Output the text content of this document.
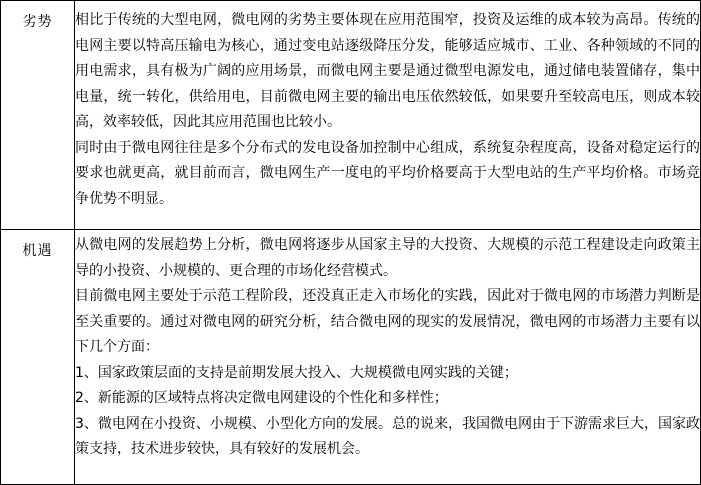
劣势	相比于传统的大型电网，微电网的劣势主要体现在应用范围窄，投资及运维的成本较为高昂。传统的电网主要以特高压输电为核心，通过变电站逐级降压分发，能够适应城市、工业、各种领域的不同的用电需求，具有极为广阔的应用场景，而微电网主要是通过微型电源发电，通过储电装置储存，集中电量，统一转化，供给用电，目前微电网主要的输出电压依然较低，如果要升至较高电压，则成本较高，效率较低，因此其应用范围也比较小。

同时由于微电网往往是多个分布式的发电设备加控制中心组成，系统复杂程度高，设备对稳定运行的要求也就更高，就目前而言，微电网生产一度电的平均价格要高于大型电站的生产平均价格。市场竞争优势不明显。

机遇	从微电网的发展趋势上分析，微电网将逐步从国家主导的大投资、大规模的示范工程建设走向政策主导的小投资、小规模的、更合理的市场化经营模式。

目前微电网主要处于示范工程阶段，还没真正走入市场化的实践，因此对于微电网的市场潜力判断是至关重要的。通过对微电网的研究分析，结合微电网的现实的发展情况，微电网的市场潜力主要有以下几个方面：

1、国家政策层面的支持是前期发展大投入、大规模微电网实践的关键；

2、新能源的区域特点将决定微电网建设的个性化和多样性；

3、微电网在小投资、小规模、小型化方向的发展。总的说来，我国微电网由于下游需求巨大，国家政策支持，技术进步较快，具有较好的发展机会。
